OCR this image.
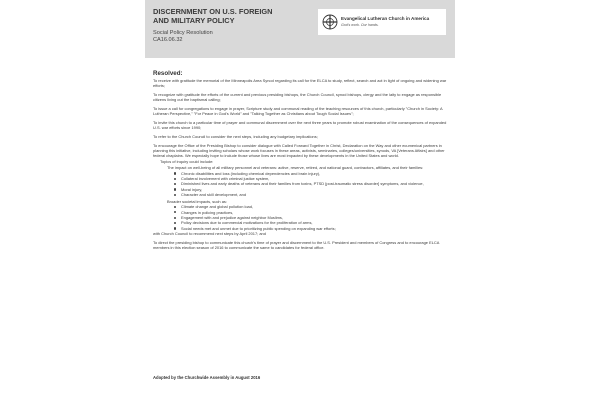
DISCERNMENT ON U.S. FOREIGN
AND MILITARY POLICY
Social Policy Resolution
CA16.06.32
Evangelical Lutheran Church in America
God's work. Our hands.
Resolved:
To receive with gratitude the memorial of the Minneapolis Area Synod regarding its call for the ELCA to study, reflect, search and act in light of ongoing and widening war efforts;
To recognize with gratitude the efforts of the current and previous presiding bishops, the Church Council, synod bishops, clergy and the laity to engage as responsible citizens living out the baptismal calling;
To issue a call for congregations to engage in prayer, Scripture study and communal reading of the teaching resources of this church, particularly "Church in Society: A Lutheran Perspective," "For Peace in God's World" and "Talking Together as Christians about Tough Social Issues";
To invite this church to a particular time of prayer and communal discernment over the next three years to promote robust examination of the consequences of expanded U.S. war efforts since 1990;
To refer to the Church Council to consider the next steps, including any budgetary implications;
To encourage the Office of the Presiding Bishop to consider dialogue with Called Forward Together in Christ, Declaration on the Way and other ecumenical partners in planning this initiative, including inviting scholars whose work focuses in these areas, activists, seminaries, colleges/universities, synods, VA [Veterans Affairs] and other federal chaplains. We especially hope to include those whose lives are most impacted by these developments in the United States and world.
Topics of inquiry could include:
The impact on well-being of all military personnel and veterans: active, reserve, retired, and national guard, contractors, affiliates, and their families:
Chronic disabilities and loss (including chemical dependencies and brain injury),
Collateral involvement with criminal justice system,
Diminished lives and early deaths of veterans and their families from toxins, PTSD [post-traumatic stress disorder] symptoms, and violence,
Moral injury,
Character and skill development, and
Broader societal impacts, such as:
Climate change and global pollution load,
Changes in policing practices,
Engagement with and prejudice against neighbor Muslims,
Policy decisions due to commercial motivations for the proliferation of arms,
Social needs met and unmet due to prioritizing public spending on expanding war efforts;
with Church Council to recommend next steps by April 2017; and
To direct the presiding bishop to communicate this church's time of prayer and discernment to the U.S. President and members of Congress and to encourage ELCA members in this election season of 2016 to communicate the same to candidates for federal office.
Adopted by the Churchwide Assembly in August 2016
